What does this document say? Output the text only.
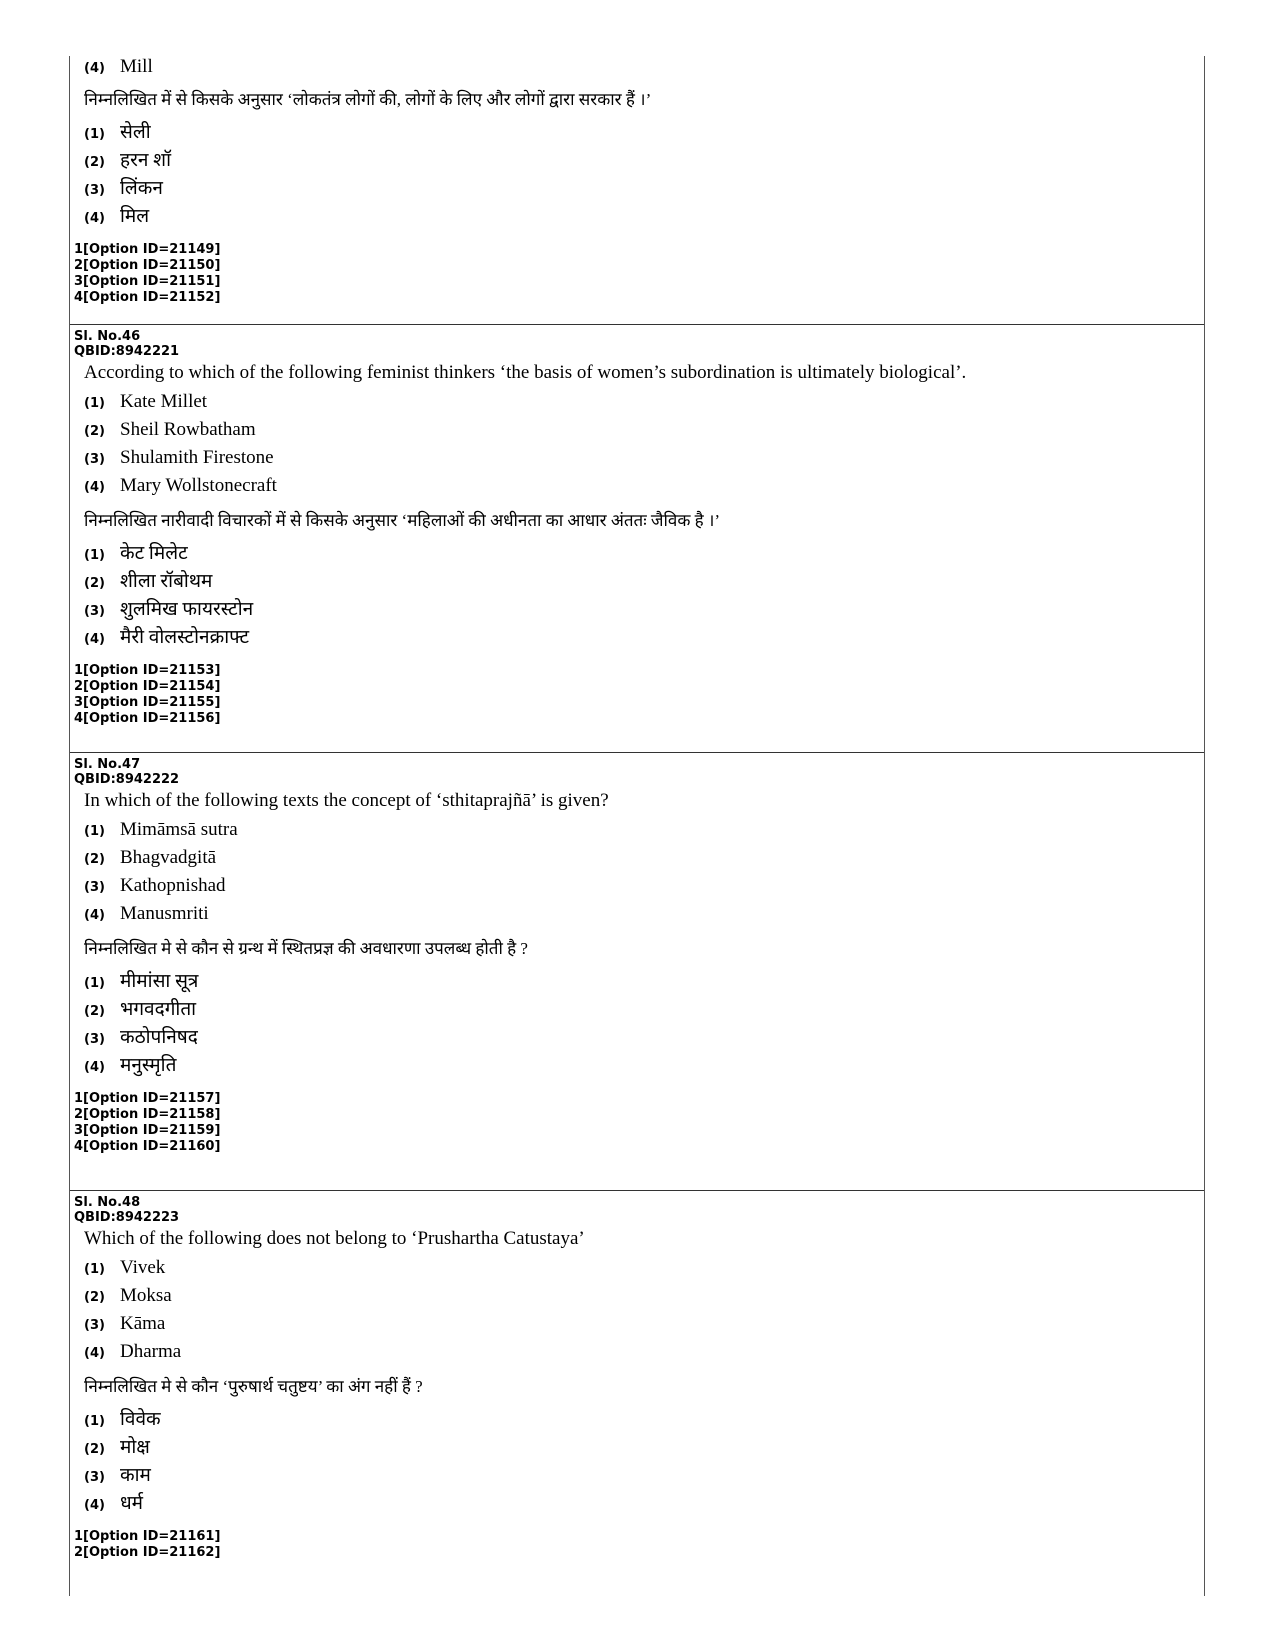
(4) Mill
निम्नलिखित में से किसके अनुसार ‘लोकतंत्र लोगों की, लोगों के लिए और लोगों द्वारा सरकार हैं ।’
(1) सेली
(2) हरन शॉ
(3) लिंकन
(4) मिल

1[Option ID=21149]

2[Option ID=21150]

3[Option ID=21151]

4[Option ID=21152]

Sl. No.46

QBID:8942221

According to which of the following feminist thinkers ‘the basis of women’s subordination is ultimately biological’.
(1) Kate Millet
(2) Sheil Rowbatham
(3) Shulamith Firestone
(4) Mary Wollstonecraft
निम्नलिखित नारीवादी विचारकों में से किसके अनुसार ‘महिलाओं की अधीनता का आधार अंततः जैविक है ।’
(1) केट मिलेट
(2) शीला रॉबोथम
(3) शुलमिख फायरस्टोन
(4) मैरी वोलस्टोनक्राफ्ट

1[Option ID=21153]

2[Option ID=21154]

3[Option ID=21155]

4[Option ID=21156]

Sl. No.47

QBID:8942222

In which of the following texts the concept of ‘sthitaprajñā’ is given?
(1) Mimāmsā sutra
(2) Bhagvadgitā
(3) Kathopnishad
(4) Manusmriti
निम्नलिखित मे से कौन से ग्रन्थ में स्थितप्रज्ञ की अवधारणा उपलब्ध होती है ?
(1) मीमांसा सूत्र
(2) भगवदगीता
(3) कठोपनिषद
(4) मनुस्मृति

1[Option ID=21157]

2[Option ID=21158]

3[Option ID=21159]

4[Option ID=21160]

Sl. No.48

QBID:8942223

Which of the following does not belong to ‘Prushartha Catustaya’
(1) Vivek
(2) Moksa
(3) Kāma
(4) Dharma
निम्नलिखित मे से कौन ‘पुरुषार्थ चतुष्टय’ का अंग नहीं हैं ?
(1) विवेक
(2) मोक्ष
(3) काम
(4) धर्म

1[Option ID=21161]

2[Option ID=21162]
